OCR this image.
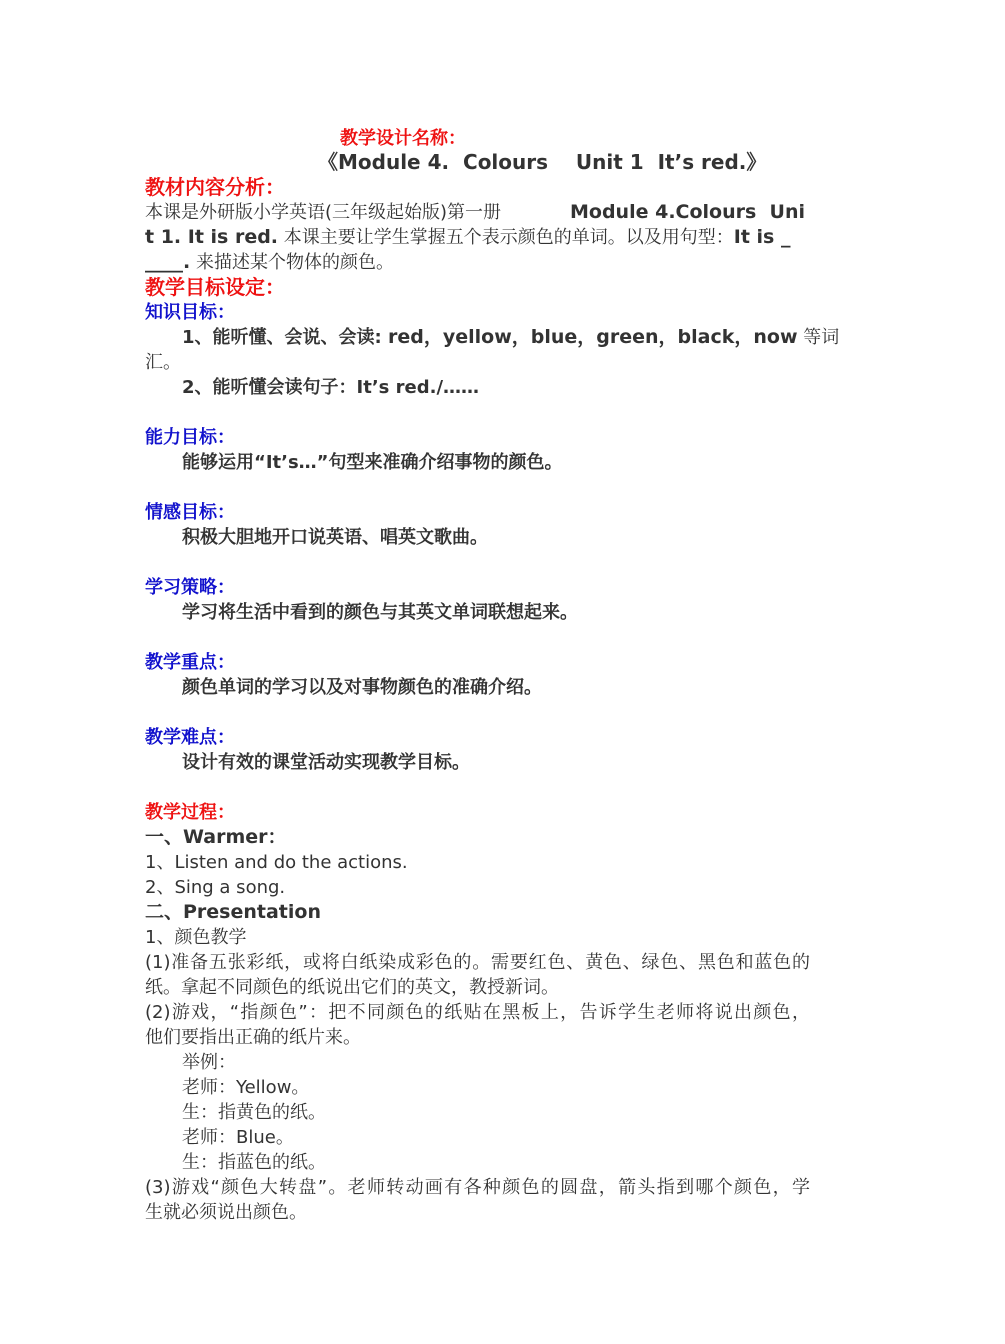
教学设计名称：
《Module 4.  Colours    Unit 1  It’s red.》
教材内容分析：
本课是外研版小学英语(三年级起始版)第一册	Module 4.Colours  Uni
t 1. It is red. 本课主要让学生掌握五个表示颜色的单词。以及用句型：It is _
____. 来描述某个物体的颜色。
教学目标设定：
知识目标：
1、能听懂、会说、会读: red，yellow，blue，green，black，now 等词
汇。
2、能听懂会读句子：It’s red./……
能力目标：
能够运用“It’s…”句型来准确介绍事物的颜色。
情感目标：
积极大胆地开口说英语、唱英文歌曲。
学习策略：
学习将生活中看到的颜色与其英文单词联想起来。
教学重点：
颜色单词的学习以及对事物颜色的准确介绍。
教学难点：
设计有效的课堂活动实现教学目标。
教学过程：
一、Warmer：
1、Listen and do the actions.
2、Sing a song.
二、Presentation
1、颜色教学
(1)准备五张彩纸，或将白纸染成彩色的。需要红色、黄色、绿色、黑色和蓝色的
纸。拿起不同颜色的纸说出它们的英文，教授新词。
(2)游戏，“指颜色”：把不同颜色的纸贴在黑板上，告诉学生老师将说出颜色，
他们要指出正确的纸片来。
举例：
老师：Yellow。
生：指黄色的纸。
老师：Blue。
生：指蓝色的纸。
(3)游戏“颜色大转盘”。老师转动画有各种颜色的圆盘，箭头指到哪个颜色，学
生就必须说出颜色。
